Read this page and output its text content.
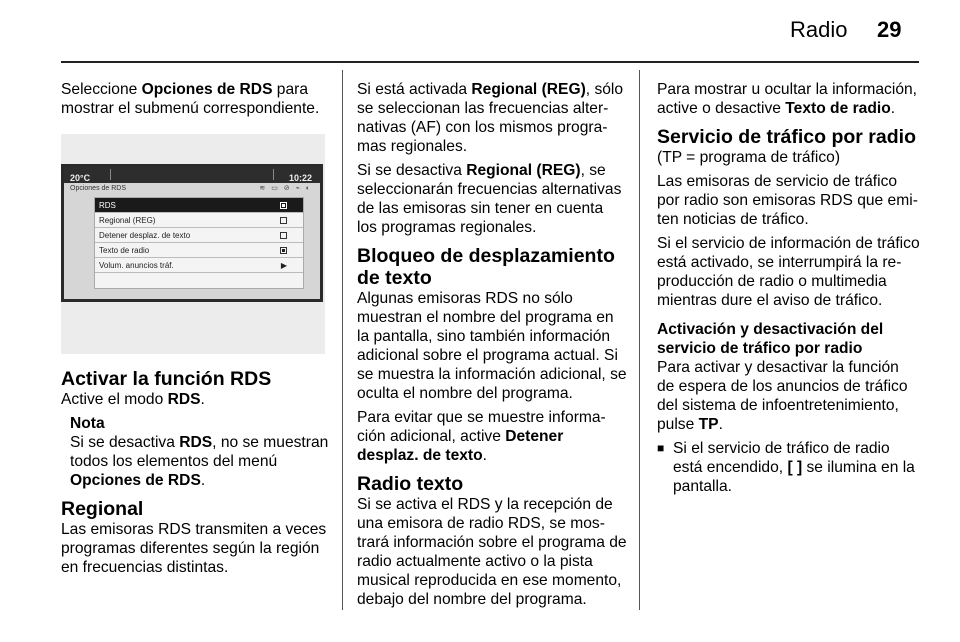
Radio 29

Seleccione Opciones de RDS para mostrar el submenú correspondiente.

20°C	10:22
Opciones de RDS	≋ ▭ ⊘ ⌁ ◐
RDS
Regional (REG)
Detener desplaz. de texto
Texto de radio
Volum. anuncios tráf.	▶
Activar la función RDS

Active el modo RDS.

Nota

Si se desactiva RDS, no se muestran todos los elementos del menú Opciones de RDS.

Regional

Las emisoras RDS transmiten a veces programas diferentes según la región en frecuencias distintas.

Si está activada Regional (REG), sólo se seleccionan las frecuencias alternativas (AF) con los mismos programas regionales.

Si se desactiva Regional (REG), se seleccionarán frecuencias alternativas de las emisoras sin tener en cuenta los programas regionales.

Bloqueo de desplazamiento de texto

Algunas emisoras RDS no sólo muestran el nombre del programa en la pantalla, sino también información adicional sobre el programa actual. Si se muestra la información adicional, se oculta el nombre del programa.

Para evitar que se muestre información adicional, active Detener desplaz. de texto.

Radio texto

Si se activa el RDS y la recepción de una emisora de radio RDS, se mostrará información sobre el programa de radio actualmente activo o la pista musical reproducida en ese momento, debajo del nombre del programa.

Para mostrar u ocultar la información, active o desactive Texto de radio.

Servicio de tráfico por radio

(TP = programa de tráfico)

Las emisoras de servicio de tráfico por radio son emisoras RDS que emiten noticias de tráfico.

Si el servicio de información de tráfico está activado, se interrumpirá la reproducción de radio o multimedia mientras dure el aviso de tráfico.

Activación y desactivación del servicio de tráfico por radio

Para activar y desactivar la función de espera de los anuncios de tráfico del sistema de infoentretenimiento, pulse TP.

■ Si el servicio de tráfico de radio está encendido, [ ] se ilumina en la pantalla.
